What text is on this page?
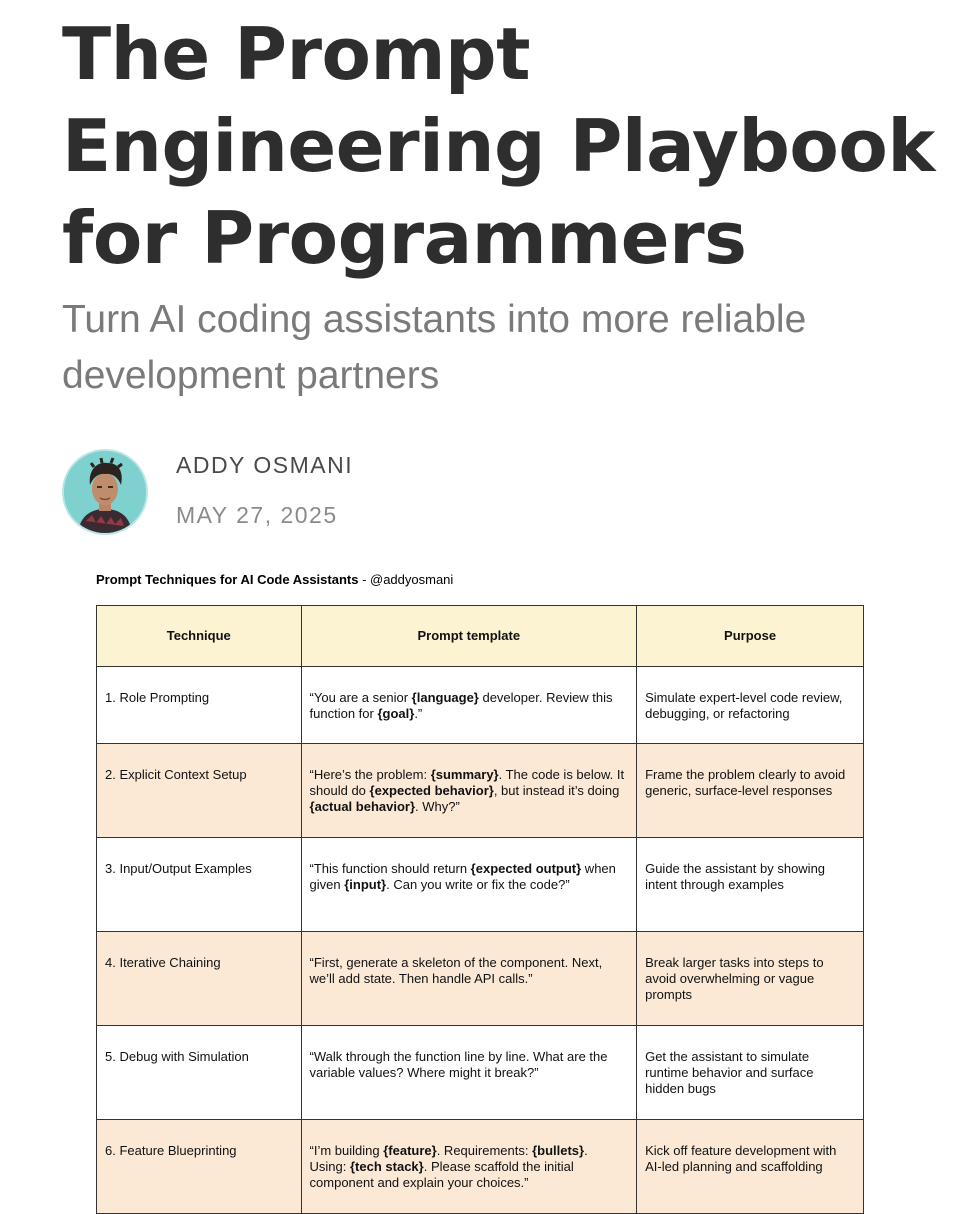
The Prompt Engineering Playbook for Programmers

Turn AI coding assistants into more reliable development partners

ADDY OSMANI
MAY 27, 2025
Prompt Techniques for AI Code Assistants - @addyosmani
Technique	Prompt template	Purpose
1. Role Prompting	“You are a senior {language} developer. Review this function for {goal}.”	Simulate expert-level code review, debugging, or refactoring
2. Explicit Context Setup	“Here’s the problem: {summary}. The code is below. It should do {expected behavior}, but instead it’s doing {actual behavior}. Why?”	Frame the problem clearly to avoid generic, surface-level responses
3. Input/Output Examples	“This function should return {expected output} when given {input}. Can you write or fix the code?”	Guide the assistant by showing intent through examples
4. Iterative Chaining	“First, generate a skeleton of the component. Next, we’ll add state. Then handle API calls.”	Break larger tasks into steps to avoid overwhelming or vague prompts
5. Debug with Simulation	“Walk through the function line by line. What are the variable values? Where might it break?”	Get the assistant to simulate runtime behavior and surface hidden bugs
6. Feature Blueprinting	“I’m building {feature}. Requirements: {bullets}. Using: {tech stack}. Please scaffold the initial component and explain your choices.”	Kick off feature development with AI-led planning and scaffolding
